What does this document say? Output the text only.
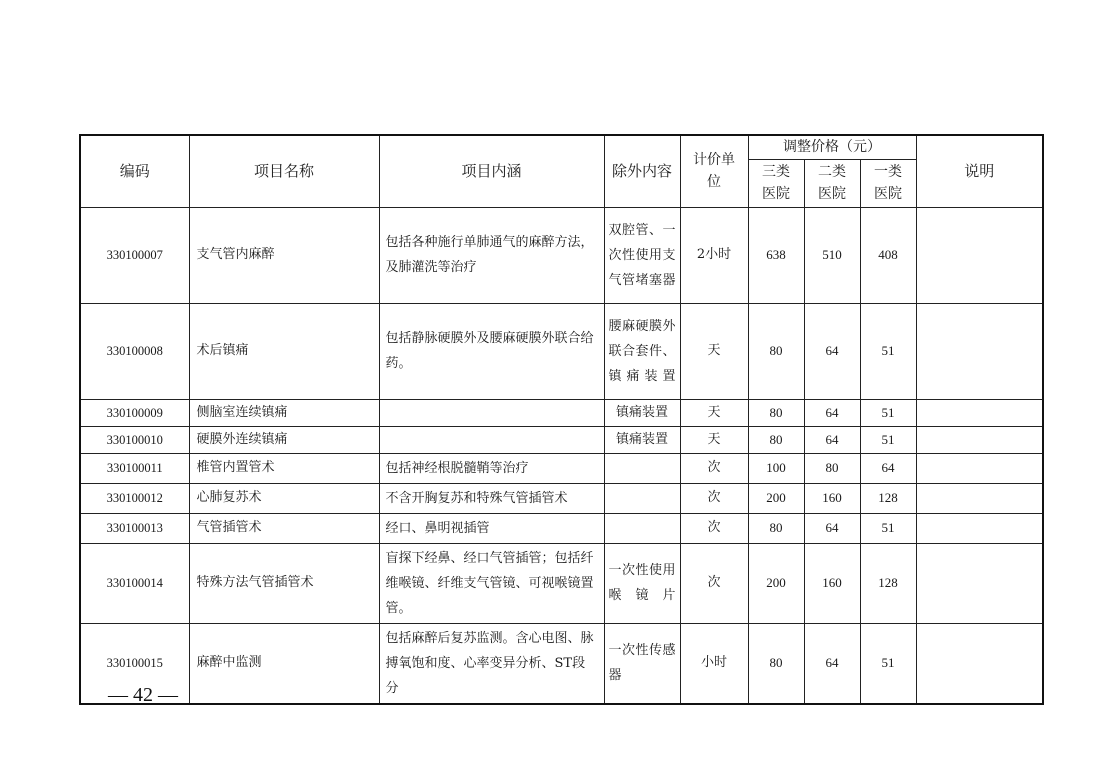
编码	项目名称	项目内涵	除外内容	计价单位	调整价格（元）			说明
					三类医院	二类医院	一类医院	

330100007	支气管内麻醉	包括各种施行单肺通气的麻醉方法，及肺灌洗等治疗	双腔管、一次性使用支气管堵塞器	2小时	638	510	408	
330100008	术后镇痛	包括静脉硬膜外及腰麻硬膜外联合给药。	腰麻硬膜外联合套件、镇痛装置	天	80	64	51	
330100009	侧脑室连续镇痛		镇痛装置	天	80	64	51	
330100010	硬膜外连续镇痛		镇痛装置	天	80	64	51	
330100011	椎管内置管术	包括神经根脱髓鞘等治疗		次	100	80	64	
330100012	心肺复苏术	不含开胸复苏和特殊气管插管术		次	200	160	128	
330100013	气管插管术	经口、鼻明视插管		次	80	64	51	
330100014	特殊方法气管插管术	盲探下经鼻、经口气管插管；包括纤维喉镜、纤维支气管镜、可视喉镜置管。	一次性使用喉镜片	次	200	160	128	
330100015	麻醉中监测	包括麻醉后复苏监测。含心电图、脉搏氧饱和度、心率变异分析、ST段分	一次性传感器	小时	80	64	51	
— 42 —
